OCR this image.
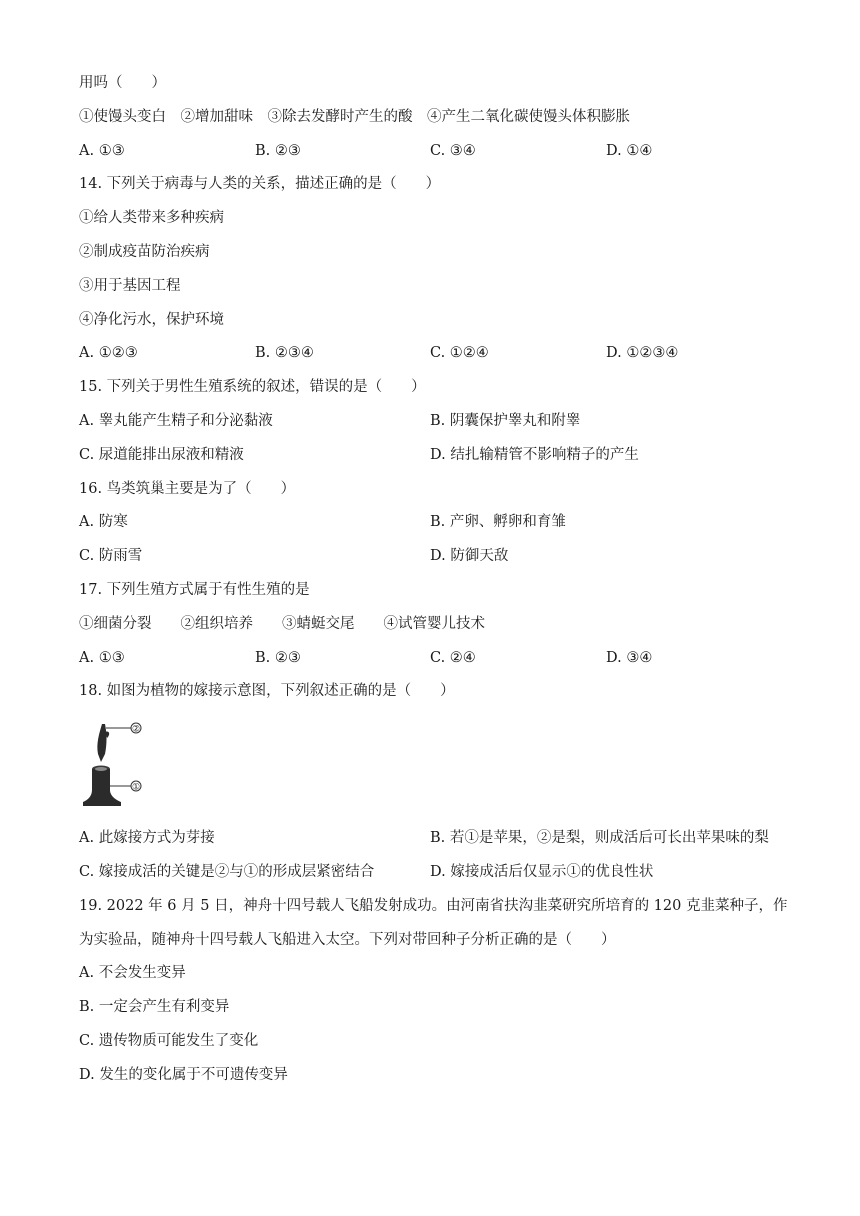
用吗（　　）
①使馒头变白　②增加甜味　③除去发酵时产生的酸　④产生二氧化碳使馒头体积膨胀
A. ①③	B. ②③	C. ③④	D. ①④
14. 下列关于病毒与人类的关系，描述正确的是（　　）
①给人类带来多种疾病
②制成疫苗防治疾病
③用于基因工程
④净化污水，保护环境
A. ①②③	B. ②③④	C. ①②④	D. ①②③④
15. 下列关于男性生殖系统的叙述，错误的是（　　）
A. 睾丸能产生精子和分泌黏液	B. 阴囊保护睾丸和附睾
C. 尿道能排出尿液和精液	D. 结扎输精管不影响精子的产生
16. 鸟类筑巢主要是为了（　　）
A. 防寒	B. 产卵、孵卵和育雏
C. 防雨雪	D. 防御天敌
17. 下列生殖方式属于有性生殖的是
①细菌分裂　　②组织培养　　③蜻蜓交尾　　④试管婴儿技术
A. ①③	B. ②③	C. ②④	D. ③④
18. 如图为植物的嫁接示意图，下列叙述正确的是（　　）
②
①
A. 此嫁接方式为芽接	B. 若①是苹果，②是梨，则成活后可长出苹果味的梨
C. 嫁接成活的关键是②与①的形成层紧密结合	D. 嫁接成活后仅显示①的优良性状
19. 2022 年 6 月 5 日，神舟十四号载人飞船发射成功。由河南省扶沟韭菜研究所培育的 120 克韭菜种子，作
为实验品，随神舟十四号载人飞船进入太空。下列对带回种子分析正确的是（　　）
A. 不会发生变异
B. 一定会产生有利变异
C. 遗传物质可能发生了变化
D. 发生的变化属于不可遗传变异
